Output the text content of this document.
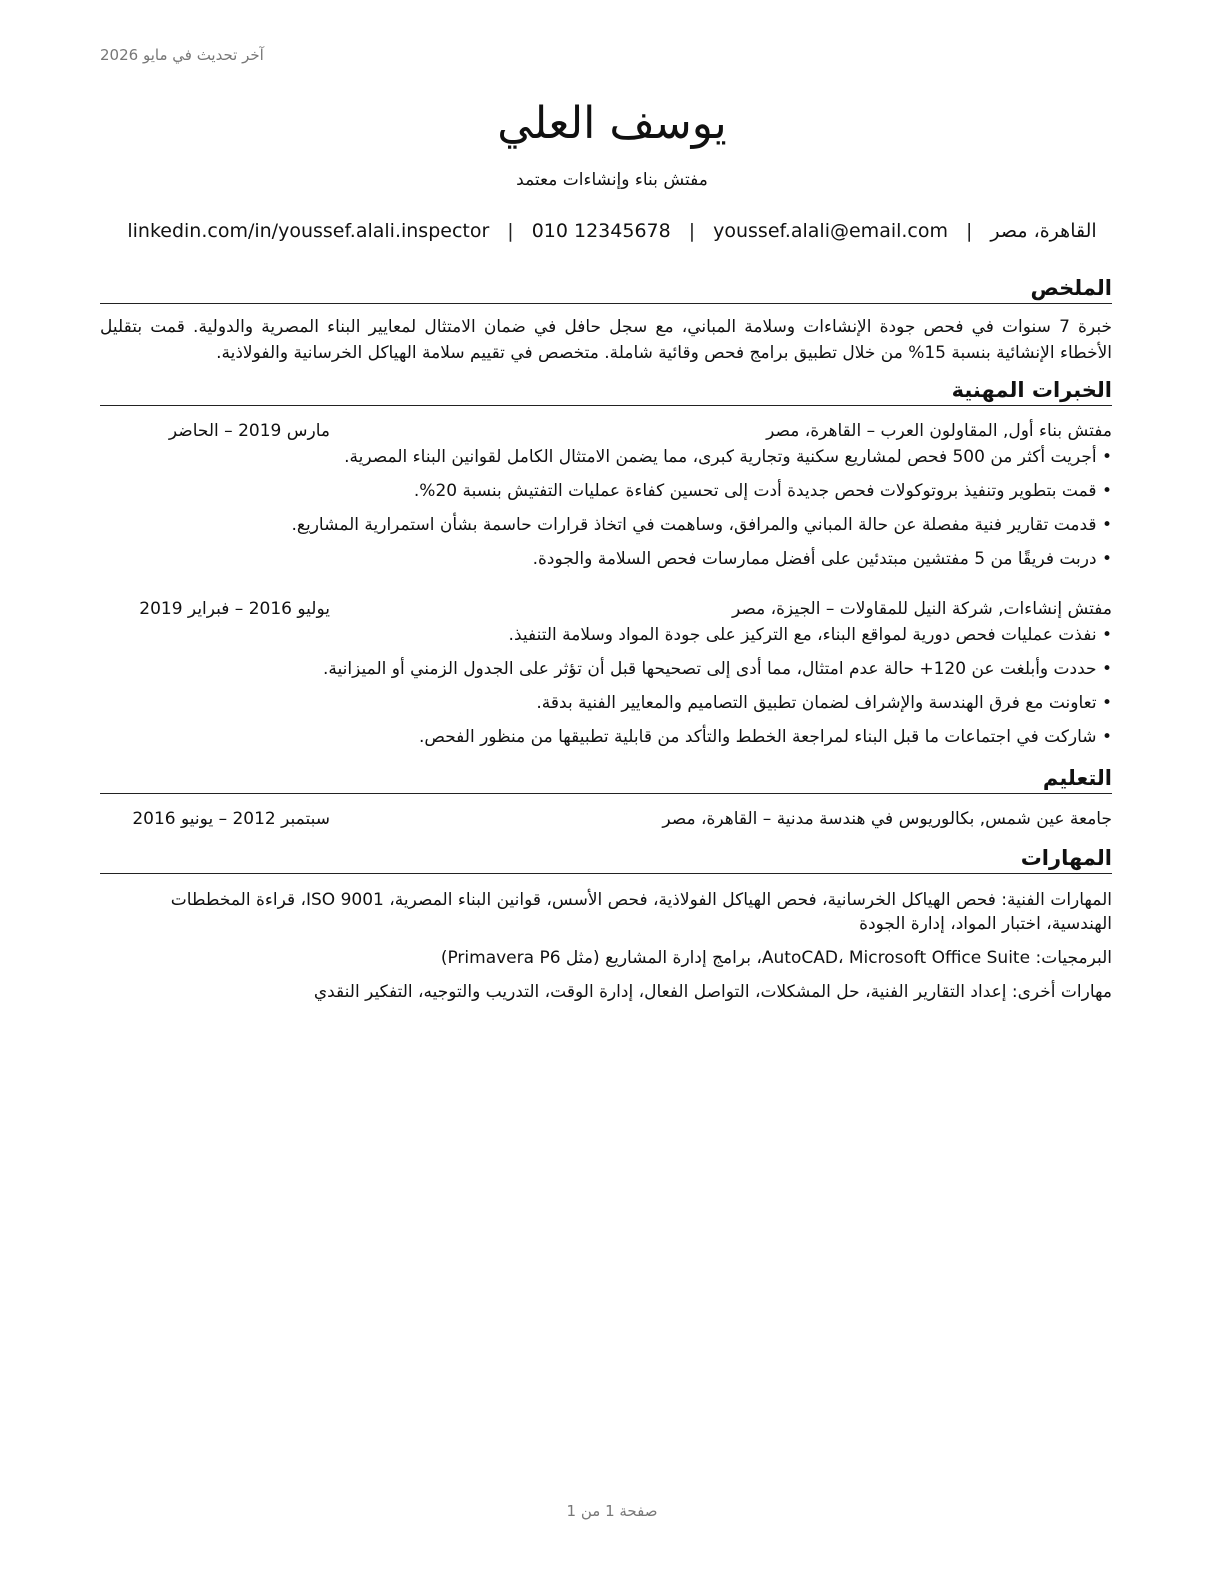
آخر تحديث في مايو 2026
يوسف العلي
مفتش بناء وإنشاءات معتمد
القاهرة، مصر
|
youssef.alali@email.com
|
010 12345678
|
linkedin.com/in/youssef.alali.inspector
الملخص

خبرة 7 سنوات في فحص جودة الإنشاءات وسلامة المباني، مع سجل حافل في ضمان الامتثال لمعايير البناء المصرية والدولية. قمت بتقليل الأخطاء الإنشائية بنسبة 15% من خلال تطبيق برامج فحص وقائية شاملة. متخصص في تقييم سلامة الهياكل الخرسانية والفولاذية.

الخبرات المهنية
مفتش بناء أول, المقاولون العرب – القاهرة، مصر
مارس 2019 – الحاضر
• أجريت أكثر من 500 فحص لمشاريع سكنية وتجارية كبرى، مما يضمن الامتثال الكامل لقوانين البناء المصرية.
• قمت بتطوير وتنفيذ بروتوكولات فحص جديدة أدت إلى تحسين كفاءة عمليات التفتيش بنسبة 20%.
• قدمت تقارير فنية مفصلة عن حالة المباني والمرافق، وساهمت في اتخاذ قرارات حاسمة بشأن استمرارية المشاريع.
• دربت فريقًا من 5 مفتشين مبتدئين على أفضل ممارسات فحص السلامة والجودة.
مفتش إنشاءات, شركة النيل للمقاولات – الجيزة، مصر
يوليو 2016 – فبراير 2019
• نفذت عمليات فحص دورية لمواقع البناء، مع التركيز على جودة المواد وسلامة التنفيذ.
• حددت وأبلغت عن 120+ حالة عدم امتثال، مما أدى إلى تصحيحها قبل أن تؤثر على الجدول الزمني أو الميزانية.
• تعاونت مع فرق الهندسة والإشراف لضمان تطبيق التصاميم والمعايير الفنية بدقة.
• شاركت في اجتماعات ما قبل البناء لمراجعة الخطط والتأكد من قابلية تطبيقها من منظور الفحص.
التعليم
جامعة عين شمس, بكالوريوس في هندسة مدنية – القاهرة، مصر
سبتمبر 2012 – يونيو 2016
المهارات

المهارات الفنية: فحص الهياكل الخرسانية، فحص الهياكل الفولاذية، فحص الأسس، قوانين البناء المصرية، ISO 9001، قراءة المخططات الهندسية، اختبار المواد، إدارة الجودة

البرمجيات: AutoCAD، Microsoft Office Suite، برامج إدارة المشاريع (مثل Primavera P6)

مهارات أخرى: إعداد التقارير الفنية، حل المشكلات، التواصل الفعال، إدارة الوقت، التدريب والتوجيه، التفكير النقدي

صفحة 1 من 1
